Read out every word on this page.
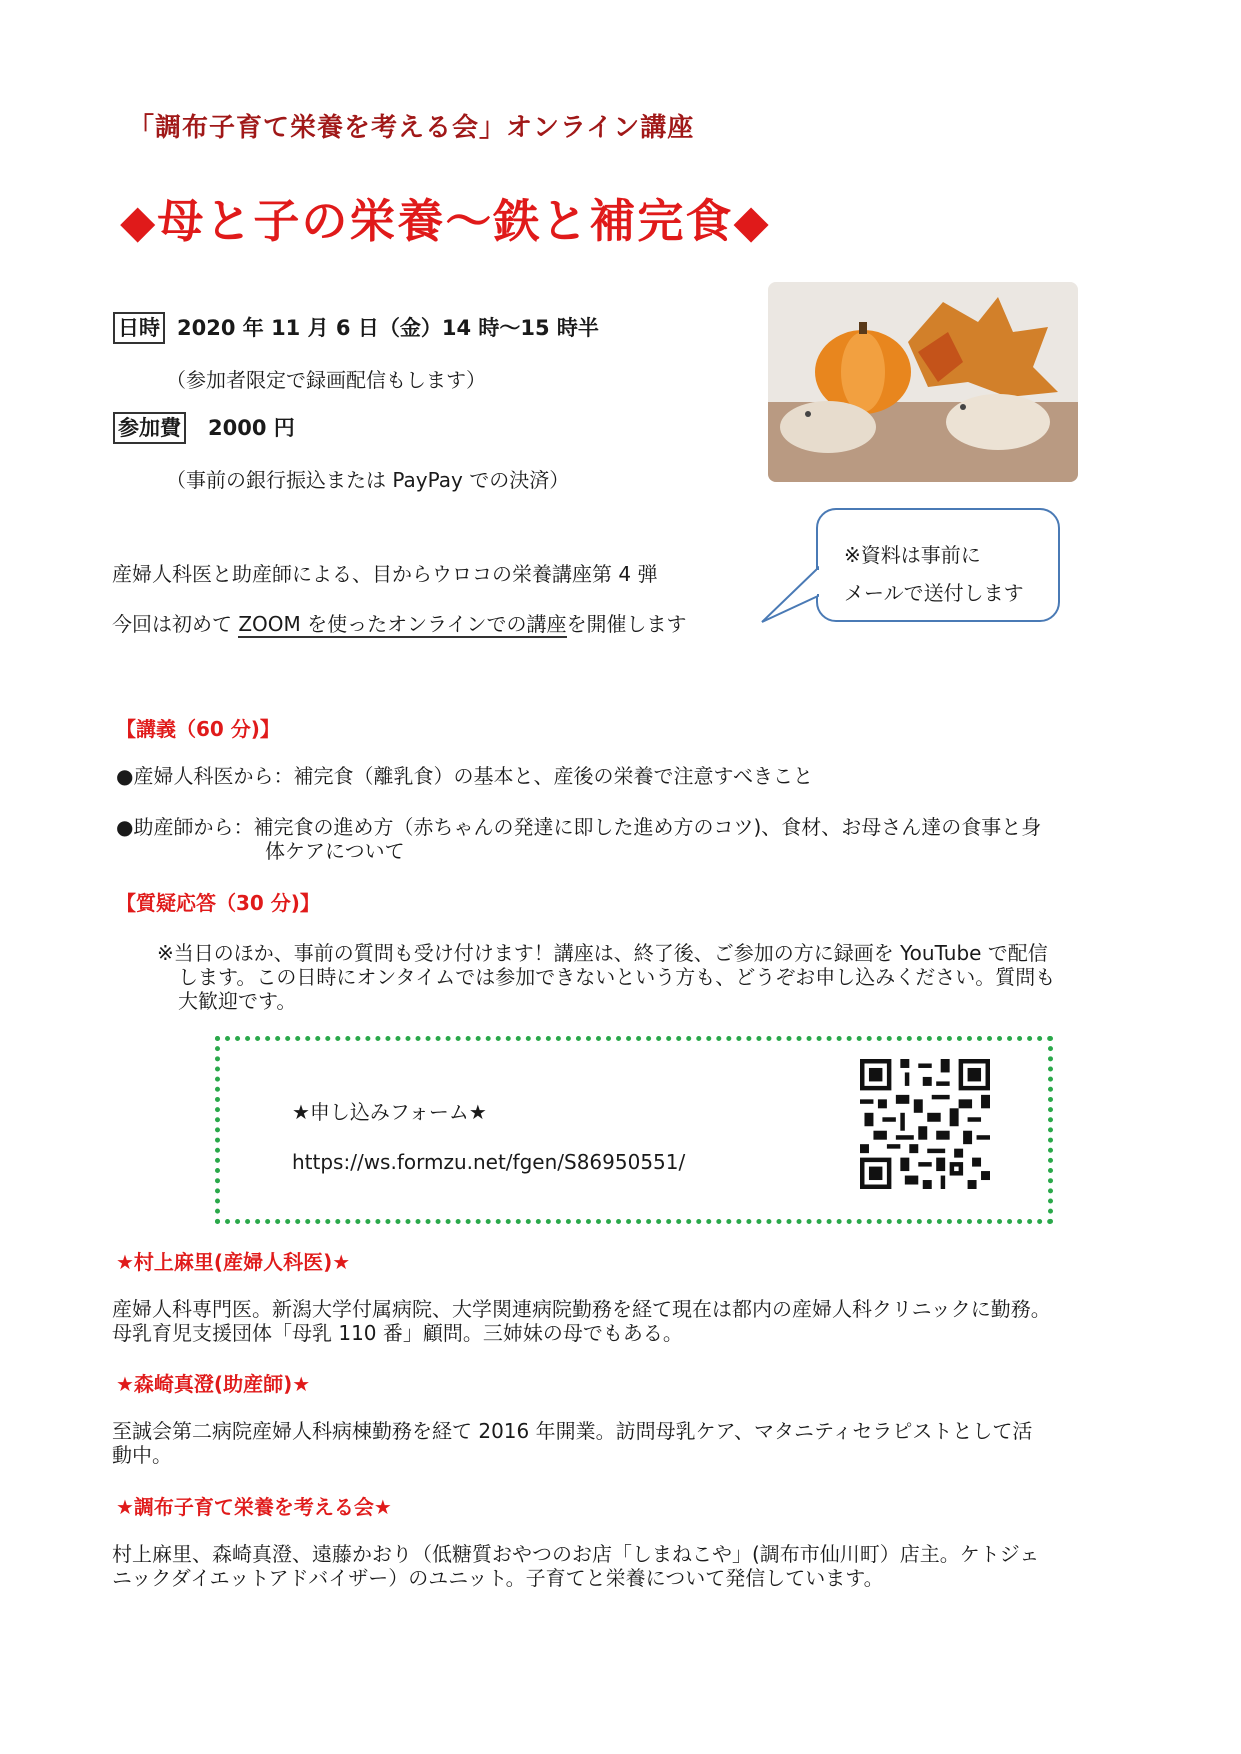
「調布子育て栄養を考える会」オンライン講座
◆母と子の栄養～鉄と補完食◆
日時 2020 年 11 月 6 日（金）14 時～15 時半
（参加者限定で録画配信もします）
参加費 2000 円
（事前の銀行振込または PayPay での決済）
※資料は事前に
メールで送付します
産婦人科医と助産師による、目からウロコの栄養講座第 4 弾
今回は初めて ZOOM を使ったオンラインでの講座を開催します
【講義（60 分)】
●産婦人科医から：補完食（離乳食）の基本と、産後の栄養で注意すべきこと
●助産師から：補完食の進め方（赤ちゃんの発達に即した進め方のコツ)、食材、お母さん達の食事と身
体ケアについて
【質疑応答（30 分)】
※当日のほか、事前の質問も受け付けます！講座は、終了後、ご参加の方に録画を YouTube で配信
します。この日時にオンタイムでは参加できないという方も、どうぞお申し込みください。質問も
大歓迎です。
★申し込みフォーム★
https://ws.formzu.net/fgen/S86950551/
★村上麻里(産婦人科医)★
産婦人科専門医。新潟大学付属病院、大学関連病院勤務を経て現在は都内の産婦人科クリニックに勤務。
母乳育児支援団体「母乳 110 番」顧問。三姉妹の母でもある。
★森崎真澄(助産師)★
至誠会第二病院産婦人科病棟勤務を経て 2016 年開業。訪問母乳ケア、マタニティセラピストとして活
動中。
★調布子育て栄養を考える会★
村上麻里、森崎真澄、遠藤かおり（低糖質おやつのお店「しまねこや」(調布市仙川町）店主。ケトジェ
ニックダイエットアドバイザー）のユニット。子育てと栄養について発信しています。
